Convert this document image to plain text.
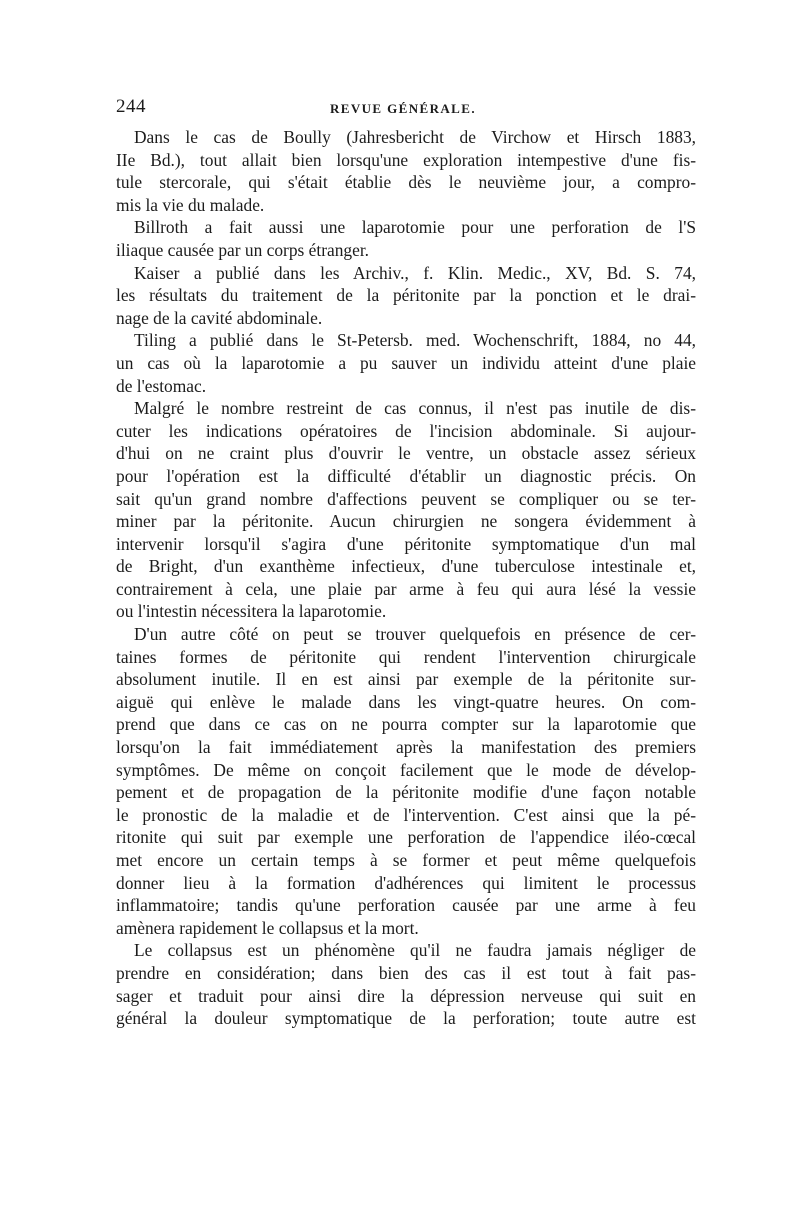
244	REVUE GÉNÉRALE.

Dans le cas de Boully (Jahresbericht de Virchow et Hirsch 1883,

IIe Bd.), tout allait bien lorsqu'une exploration intempestive d'une fis-

tule stercorale, qui s'était établie dès le neuvième jour, a compro-

mis la vie du malade.

Billroth a fait aussi une laparotomie pour une perforation de l'S

iliaque causée par un corps étranger.

Kaiser a publié dans les Archiv., f. Klin. Medic., XV, Bd. S. 74,

les résultats du traitement de la péritonite par la ponction et le drai-

nage de la cavité abdominale.

Tiling a publié dans le St-Petersb. med. Wochenschrift, 1884, no 44,

un cas où la laparotomie a pu sauver un individu atteint d'une plaie

de l'estomac.

Malgré le nombre restreint de cas connus, il n'est pas inutile de dis-

cuter les indications opératoires de l'incision abdominale. Si aujour-

d'hui on ne craint plus d'ouvrir le ventre, un obstacle assez sérieux

pour l'opération est la difficulté d'établir un diagnostic précis. On

sait qu'un grand nombre d'affections peuvent se compliquer ou se ter-

miner par la péritonite. Aucun chirurgien ne songera évidemment à

intervenir lorsqu'il s'agira d'une péritonite symptomatique d'un mal

de Bright, d'un exanthème infectieux, d'une tuberculose intestinale et,

contrairement à cela, une plaie par arme à feu qui aura lésé la vessie

ou l'intestin nécessitera la laparotomie.

D'un autre côté on peut se trouver quelquefois en présence de cer-

taines formes de péritonite qui rendent l'intervention chirurgicale

absolument inutile. Il en est ainsi par exemple de la péritonite sur-

aiguë qui enlève le malade dans les vingt-quatre heures. On com-

prend que dans ce cas on ne pourra compter sur la laparotomie que

lorsqu'on la fait immédiatement après la manifestation des premiers

symptômes. De même on conçoit facilement que le mode de dévelop-

pement et de propagation de la péritonite modifie d'une façon notable

le pronostic de la maladie et de l'intervention. C'est ainsi que la pé-

ritonite qui suit par exemple une perforation de l'appendice iléo-cœcal

met encore un certain temps à se former et peut même quelquefois

donner lieu à la formation d'adhérences qui limitent le processus

inflammatoire; tandis qu'une perforation causée par une arme à feu

amènera rapidement le collapsus et la mort.

Le collapsus est un phénomène qu'il ne faudra jamais négliger de

prendre en considération; dans bien des cas il est tout à fait pas-

sager et traduit pour ainsi dire la dépression nerveuse qui suit en

général la douleur symptomatique de la perforation; toute autre est
